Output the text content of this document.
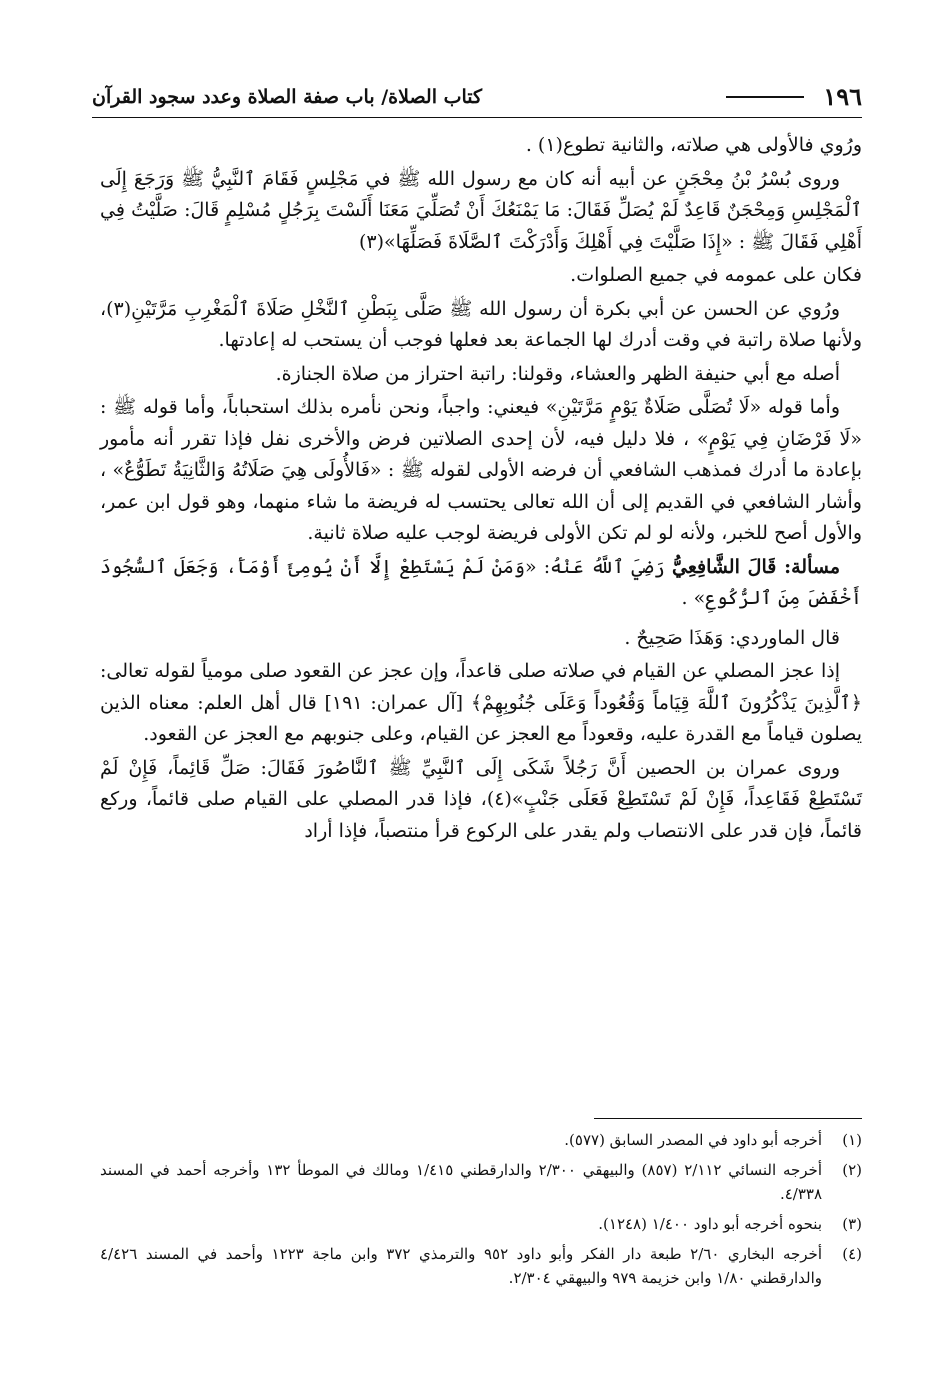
١٩٦
كتاب الصلاة/ باب صفة الصلاة وعدد سجود القرآن

ورُوي فالأولى هي صلاته، والثانية تطوع(١) .

وروى بُسْرُ بْنُ مِحْجَنٍ عن أبيه أنه كان مع رسول الله ﷺ في مَجْلِسٍ فَقَامَ ٱلنَّبِيُّ ﷺ وَرَجَعَ إِلَى ٱلْمَجْلِسِ وَمِحْجَنٌ قَاعِدٌ لَمْ يُصَلِّ فَقَالَ: مَا يَمْنَعُكَ أَنْ تُصَلِّيَ مَعَنَا أَلَسْتَ بِرَجُلٍ مُسْلِمٍ قَالَ: صَلَّيْتُ فِي أَهْلِي فَقَالَ ﷺ : «إِذَا صَلَّيْتَ فِي أَهْلِكَ وَأَدْرَكْتَ ٱلصَّلَاةَ فَصَلِّهَا»(٣)

فكان على عمومه في جميع الصلوات.

ورُوي عن الحسن عن أبي بكرة أن رسول الله ﷺ صَلَّى بِبَطْنِ ٱلنَّخْلِ صَلَاةَ ٱلْمَغْرِبِ مَرَّتَيْنِ(٣)، ولأنها صلاة راتبة في وقت أدرك لها الجماعة بعد فعلها فوجب أن يستحب له إعادتها.

أصله مع أبي حنيفة الظهر والعشاء، وقولنا: راتبة احتراز من صلاة الجنازة.

وأما قوله «لَا تُصَلَّى صَلَاةٌ يَوْمٍ مَرَّتَيْنِ» فيعني: واجباً، ونحن نأمره بذلك استحباباً، وأما قوله ﷺ : «لَا فَرْضَانِ فِي يَوْمٍ» ، فلا دليل فيه، لأن إحدى الصلاتين فرض والأخرى نفل فإذا تقرر أنه مأمور بإعادة ما أدرك فمذهب الشافعي أن فرضه الأولى لقوله ﷺ : «فَالأُولَى هِيَ صَلَاتُهُ وَالثَّانِيَةُ تَطَوُّعٌ» ، وأشار الشافعي في القديم إلى أن الله تعالى يحتسب له فريضة ما شاء منهما، وهو قول ابن عمر، والأول أصح للخبر، ولأنه لو لم تكن الأولى فريضة لوجب عليه صلاة ثانية.

مسألة: قَالَ الشَّافِعِيُّ رَضِيَ ٱللَّهُ عَنْهُ: «وَمَنْ لَمْ يَسْتَطِعْ إِلَّا أَنْ يُومِئَ أَوْمَأَ، وَجَعَلَ ٱلسُّجُودَ أَخْفَضَ مِنَ ٱلرُّكُوعِ» .

قال الماوردي: وَهَذَا صَحِيحٌ .

إذا عجز المصلي عن القيام في صلاته صلى قاعداً، وإن عجز عن القعود صلى مومياً لقوله تعالى: ﴿ٱلَّذِينَ يَذْكُرُونَ ٱللَّهَ قِيَاماً وَقُعُوداً وَعَلَى جُنُوبِهِمْ﴾ [آل عمران: ١٩١] قال أهل العلم: معناه الذين يصلون قياماً مع القدرة عليه، وقعوداً مع العجز عن القيام، وعلى جنوبهم مع العجز عن القعود.

وروى عمران بن الحصين أَنَّ رَجُلاً شَكَى إِلَى ٱلنَّبِيِّ ﷺ ٱلنَّاصُورَ فَقَالَ: صَلِّ قَائِماً، فَإِنْ لَمْ تَسْتَطِعْ فَقَاعِداً، فَإِنْ لَمْ تَسْتَطِعْ فَعَلَى جَنْبٍ»(٤)، فإذا قدر المصلي على القيام صلى قائماً، وركع قائماً، فإن قدر على الانتصاب ولم يقدر على الركوع قرأ منتصباً، فإذا أراد

(١)
أخرجه أبو داود في المصدر السابق (٥٧٧).
(٢)
أخرجه النسائي ٢/١١٢ (٨٥٧) والبيهقي ٢/٣٠٠ والدارقطني ١/٤١٥ ومالك في الموطأ ١٣٢ وأخرجه أحمد في المسند ٤/٣٣٨.
(٣)
بنحوه أخرجه أبو داود ١/٤٠٠ (١٢٤٨).
(٤)
أخرجه البخاري ٢/٦٠ طبعة دار الفكر وأبو داود ٩٥٢ والترمذي ٣٧٢ وابن ماجة ١٢٢٣ وأحمد في المسند ٤/٤٢٦ والدارقطني ١/٨٠ وابن خزيمة ٩٧٩ والبيهقي ٢/٣٠٤.
